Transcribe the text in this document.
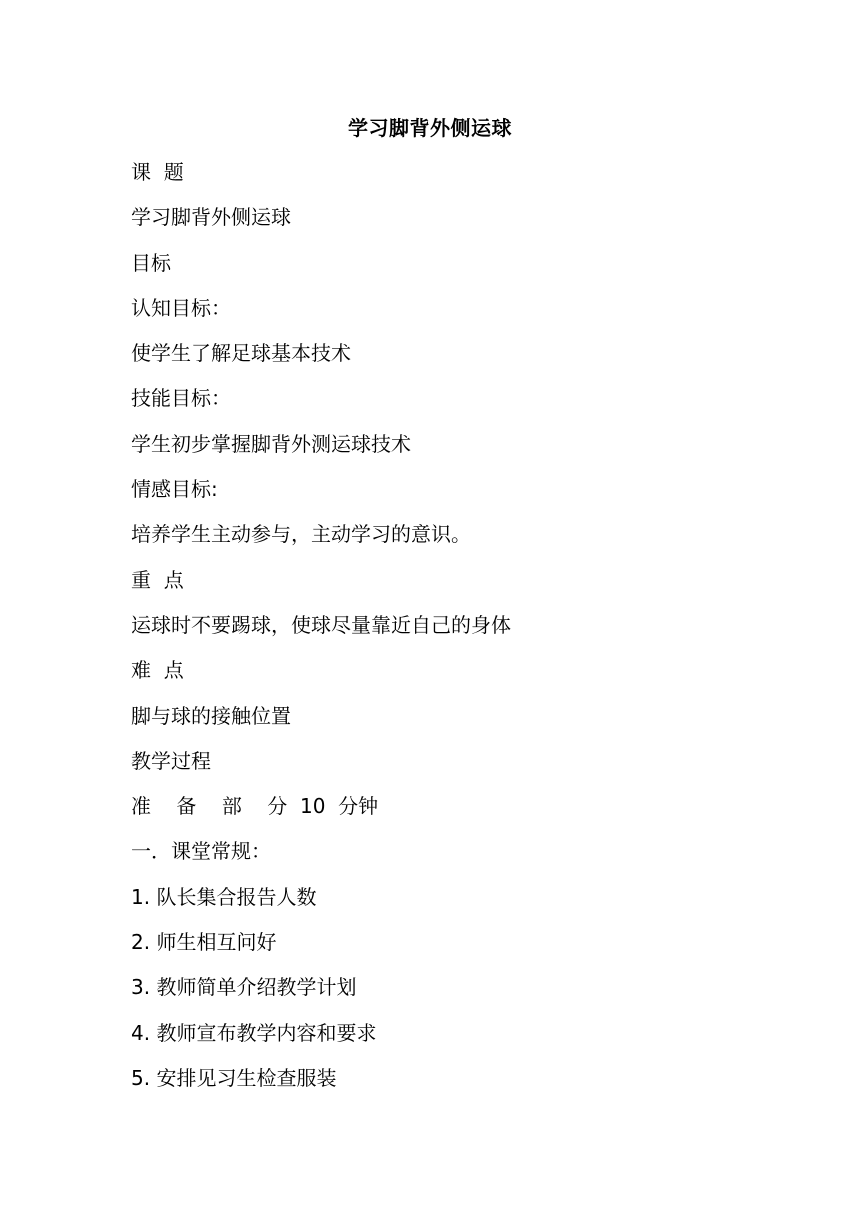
学习脚背外侧运球
课  题
学习脚背外侧运球
目标
认知目标：
使学生了解足球基本技术
技能目标：
学生初步掌握脚背外测运球技术
情感目标:
培养学生主动参与，主动学习的意识。
重  点
运球时不要踢球，使球尽量靠近自己的身体
难  点
脚与球的接触位置
教学过程
准    备    部    分  10  分钟
一．课堂常规：
1. 队长集合报告人数
2. 师生相互问好
3. 教师简单介绍教学计划
4. 教师宣布教学内容和要求
5. 安排见习生检查服装
